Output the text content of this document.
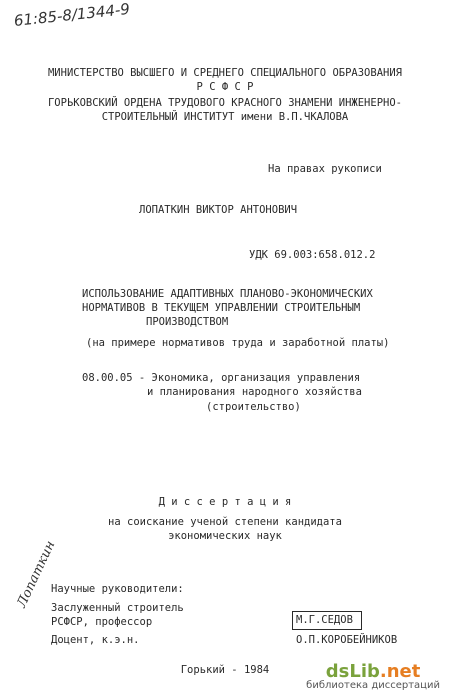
61:85-8/1344-9
МИНИСТЕРСТВО ВЫСШЕГО И СРЕДНЕГО СПЕЦИАЛЬНОГО ОБРАЗОВАНИЯ
Р С Ф С Р
ГОРЬКОВСКИЙ ОРДЕНА ТРУДОВОГО КРАСНОГО ЗНАМЕНИ ИНЖЕНЕРНО-
СТРОИТЕЛЬНЫЙ ИНСТИТУТ имени В.П.ЧКАЛОВА
На правах рукописи
ЛОПАТКИН ВИКТОР АНТОНОВИЧ
УДК 69.003:658.012.2
ИСПОЛЬЗОВАНИЕ АДАПТИВНЫХ ПЛАНОВО-ЭКОНОМИЧЕСКИХ
НОРМАТИВОВ В ТЕКУЩЕМ УПРАВЛЕНИИ СТРОИТЕЛЬНЫМ
ПРОИЗВОДСТВОМ
(на примере нормативов труда и заработной платы)
08.00.05 - Экономика, организация управления
и планирования народного хозяйства
(строительство)
Д и с с е р т а ц и я
на соискание ученой степени кандидата
экономических наук
Лопаткин
Научные руководители:
Заслуженный строитель
РСФСР, профессор	М.Г.СЕДОВ
Доцент, к.э.н.	О.П.КОРОБЕЙНИКОВ
Горький - 1984	dsLib.net
библиотека диссертаций
